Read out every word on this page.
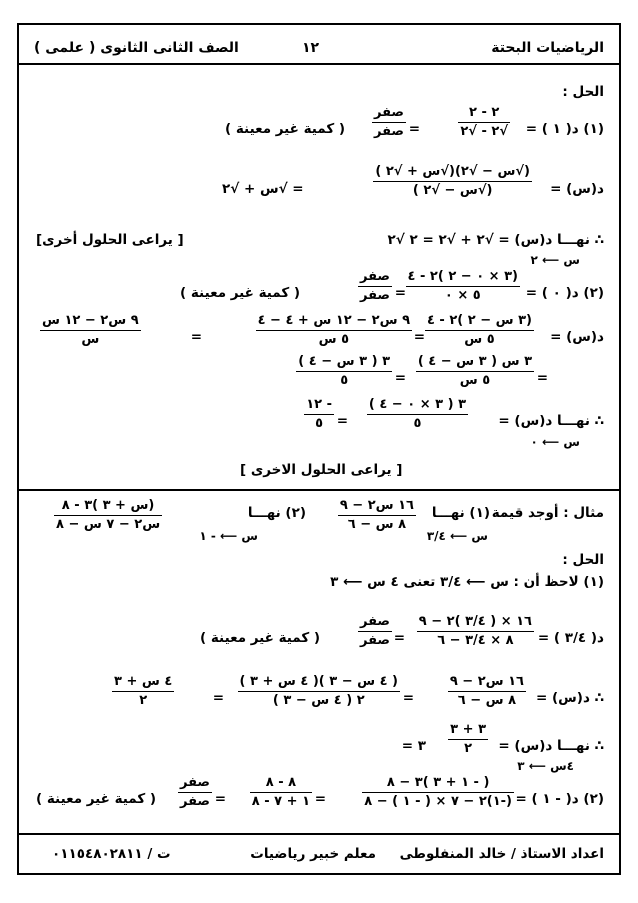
الرياضيات البحتة
١٢
الصف الثانى الثانوى ( علمى )
الحل :
(١) د( ١ ) =
٢ - ٢
√٢ - √٢
=
صفر
صفر
( كمية غير معينة )
د(س) =
(√س − √٢)(√س + √٢ )
(√س − √٢ )
= √س + √٢
∴ نهـــا د(س) = √٢ + √٢ = ٢ √٢
س ⟵ ٢
[ يراعى الحلول أخرى]
(٢) د( ٠ ) =
(٣ × ٠ − ٢ )٢ - ٤
٥ × ٠
=
صفر
صفر
( كمية غير معينة )
د(س) =
(٣ س − ٢ )٢ - ٤
٥ س
=
٩ س٢ − ١٢ س + ٤ − ٤
٥ س
=
٩ س٢ − ١٢ س
س
=
٣ س ( ٣ س − ٤ )
٥ س
=
٣ ( ٣ س − ٤ )
٥
∴ نهـــا د(س) =
س ⟵ ٠
٣ ( ٣ × ٠ − ٤ )
٥
=
- ١٢
٥
[ يراعى الحلول الاخرى ]
مثال : أوجد قيمة
(١) نهـــا
س ⟵ ٣/٤
١٦ س٢ − ٩
٨ س − ٦
(٢) نهـــا
س ⟵ - ١
(س + ٣ )٣ - ٨
س٢ − ٧ س − ٨
الحل :
(١) لاحظ أن : س ⟵ ٣/٤ تعنى ٤ س ⟵ ٣
د( ٣/٤ ) =
١٦ × ( ٣/٤ )٢ − ٩
٨ × ٣/٤ − ٦
=
صفر
صفر
( كمية غير معينة )
∴ د(س) =
١٦ س٢ − ٩
٨ س − ٦
=
( ٤ س − ٣ )( ٤ س + ٣ )
٢ ( ٤ س − ٣ )
=
٤ س + ٣
٢
∴ نهـــا د(س) =
٤س ⟵ ٣
٣ + ٣
٢
= ٣
(٢) د( - ١ ) =
( - ١ + ٣ )٣ − ٨
(-١)٢ − ٧ × ( - ١ ) − ٨
=
٨ - ٨
١ + ٧ - ٨
=
صفر
صفر
( كمية غير معينة )
اعداد الاستاذ / خالد المنفلوطى
معلم خبير رياضيات
ت / ٠١١٥٤٨٠٢٨١١
